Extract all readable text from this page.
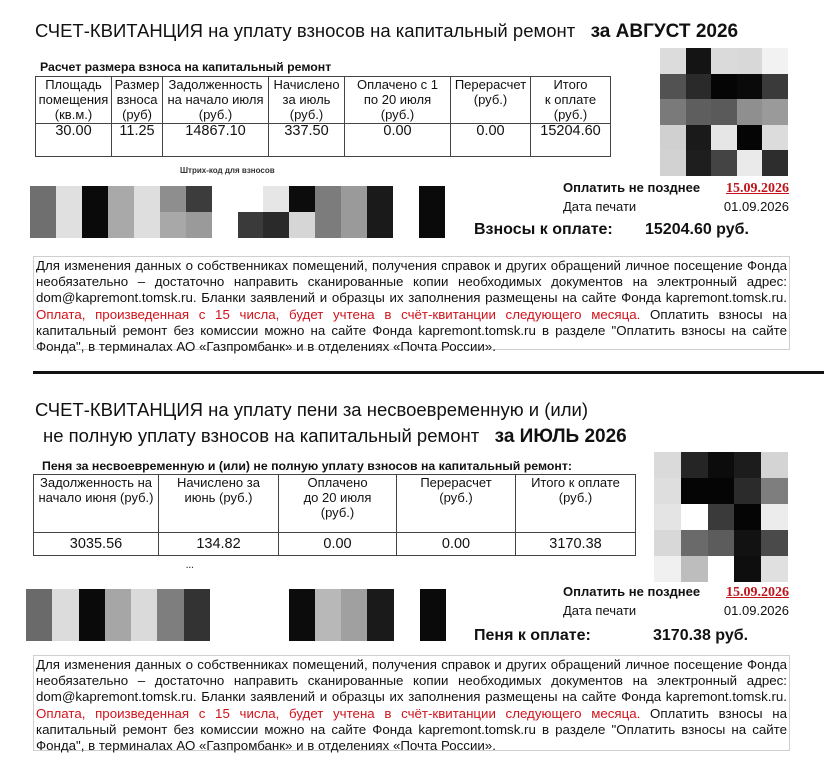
СЧЕТ-КВИТАНЦИЯ на уплату взносов на капитальный ремонт за АВГУСТ 2026
Расчет размера взноса на капитальный ремонт
Площадь
помещения
(кв.м.)	Размер
взноса
(руб)	Задолженность
на начало июля
(руб.)	Начислено
за июль
(руб.)	Оплачено с 1
по 20 июля
(руб.)	Перерасчет
(руб.)	Итого
к оплате
(руб.)

30.00	11.25	14867.10	337.50	0.00	0.00	15204.60
Штрих-код для взносов
Оплатить не позднее 15.09.2026
Дата печати	01.09.2026
Взносы к оплате: 15204.60 руб.
Для изменения данных о собственниках помещений, получения справок и других обращений личное посещение Фонда необязательно – достаточно направить сканированные копии необходимых документов на электронный адрес: dom@kapremont.tomsk.ru. Бланки заявлений и образцы их заполнения размещены на сайте Фонда kapremont.tomsk.ru. Оплата, произведенная с 15 числа, будет учтена в счёт-квитанции следующего месяца. Оплатить взносы на капитальный ремонт без комиссии можно на сайте Фонда kapremont.tomsk.ru в разделе "Оплатить взносы на сайте Фонда", в терминалах АО «Газпромбанк» и в отделениях «Почта России».
СЧЕТ-КВИТАНЦИЯ на уплату пени за несвоевременную и (или)
не полную уплату взносов на капитальный ремонт за ИЮЛЬ 2026
Пеня за несвоевременную и (или) не полную уплату взносов на капитальный ремонт:
Задолженность на
начало июня (руб.)	Начислено за
июнь (руб.)	Оплачено
до 20 июля
(руб.)	Перерасчет
(руб.)	Итого к оплате
(руб.)

3035.56	134.82	0.00	0.00	3170.38
···
Оплатить не позднее 15.09.2026
Дата печати	01.09.2026
Пеня к оплате:	3170.38 руб.
Для изменения данных о собственниках помещений, получения справок и других обращений личное посещение Фонда необязательно – достаточно направить сканированные копии необходимых документов на электронный адрес: dom@kapremont.tomsk.ru. Бланки заявлений и образцы их заполнения размещены на сайте Фонда kapremont.tomsk.ru. Оплата, произведенная с 15 числа, будет учтена в счёт-квитанции следующего месяца. Оплатить взносы на капитальный ремонт без комиссии можно на сайте Фонда kapremont.tomsk.ru в разделе "Оплатить взносы на сайте Фонда", в терминалах АО «Газпромбанк» и в отделениях «Почта России».
